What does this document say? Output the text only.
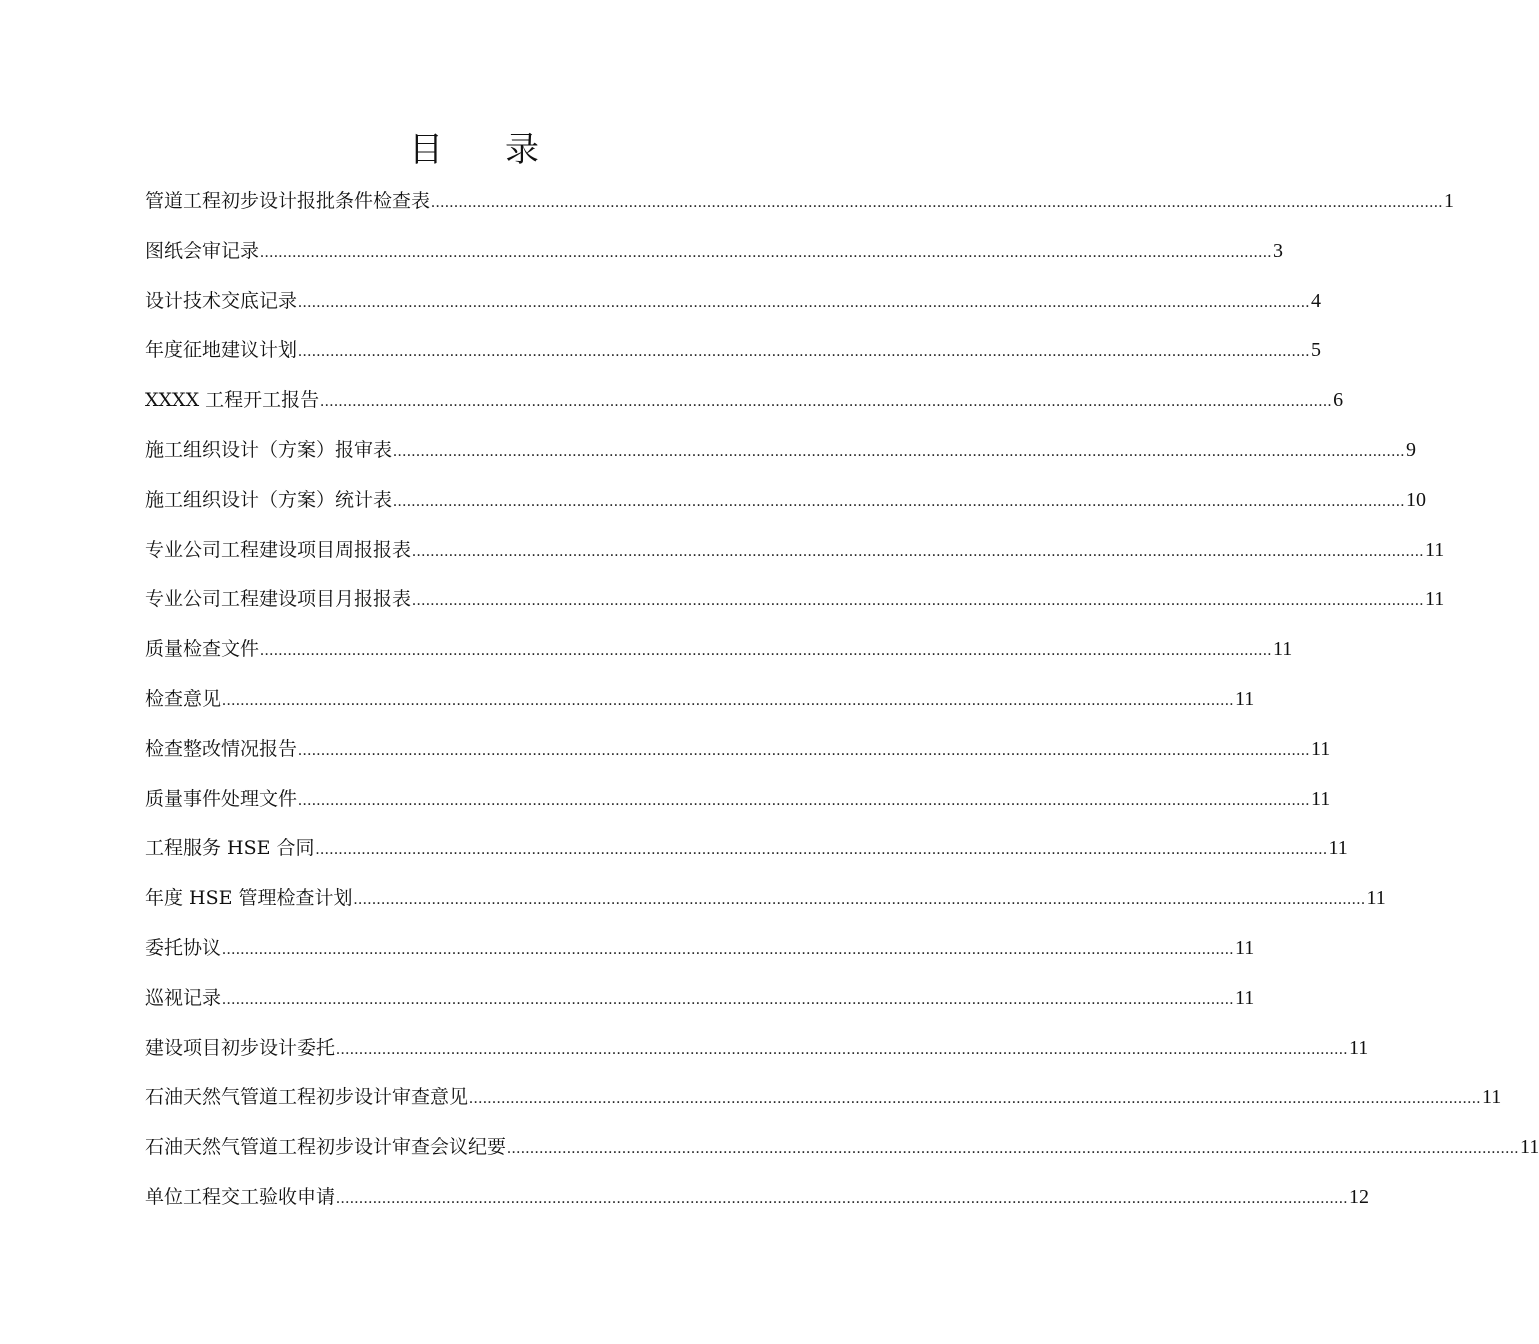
目 录
管道工程初步设计报批条件检查表 ............................................................................................................................................................................................................................ 1
图纸会审记录 ............................................................................................................................................................................................................................ 3
设计技术交底记录 ............................................................................................................................................................................................................................ 4
年度征地建议计划 ............................................................................................................................................................................................................................ 5
XXXX 工程开工报告 ............................................................................................................................................................................................................................ 6
施工组织设计（方案）报审表 ............................................................................................................................................................................................................................ 9
施工组织设计（方案）统计表 ............................................................................................................................................................................................................................ 10
专业公司工程建设项目周报报表 ............................................................................................................................................................................................................................ 11
专业公司工程建设项目月报报表 ............................................................................................................................................................................................................................ 11
质量检查文件 ............................................................................................................................................................................................................................ 11
检查意见 ............................................................................................................................................................................................................................ 11
检查整改情况报告 ............................................................................................................................................................................................................................ 11
质量事件处理文件 ............................................................................................................................................................................................................................ 11
工程服务 HSE 合同 ............................................................................................................................................................................................................................ 11
年度 HSE 管理检查计划 ............................................................................................................................................................................................................................ 11
委托协议 ............................................................................................................................................................................................................................ 11
巡视记录 ............................................................................................................................................................................................................................ 11
建设项目初步设计委托 ............................................................................................................................................................................................................................ 11
石油天然气管道工程初步设计审查意见 ............................................................................................................................................................................................................................ 11
石油天然气管道工程初步设计审查会议纪要 ............................................................................................................................................................................................................................ 11
单位工程交工验收申请 ............................................................................................................................................................................................................................ 12
